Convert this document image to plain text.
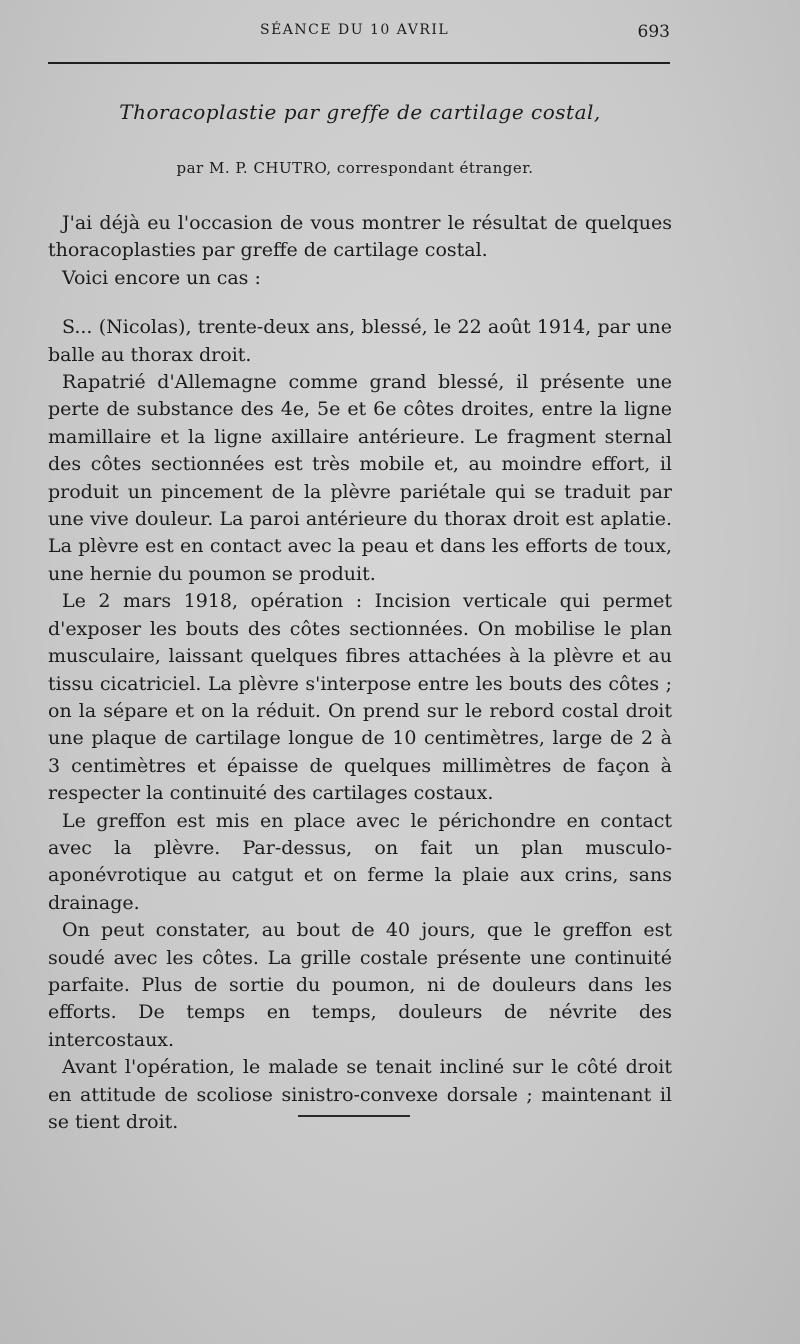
SÉANCE DU 10 AVRIL	693
Thoracoplastie par greffe de cartilage costal,
par M. P. CHUTRO, correspondant étranger.

J'ai déjà eu l'occasion de vous montrer le résultat de quelques thoracoplasties par greffe de cartilage costal.

Voici encore un cas :

S... (Nicolas), trente-deux ans, blessé, le 22 août 1914, par une balle au thorax droit.

Rapatrié d'Allemagne comme grand blessé, il présente une perte de substance des 4e, 5e et 6e côtes droites, entre la ligne mamillaire et la ligne axillaire antérieure. Le fragment sternal des côtes sectionnées est très mobile et, au moindre effort, il produit un pincement de la plèvre pariétale qui se traduit par une vive douleur. La paroi antérieure du thorax droit est aplatie. La plèvre est en contact avec la peau et dans les efforts de toux, une hernie du poumon se produit.

Le 2 mars 1918, opération : Incision verticale qui permet d'exposer les bouts des côtes sectionnées. On mobilise le plan musculaire, laissant quelques fibres attachées à la plèvre et au tissu cicatriciel. La plèvre s'interpose entre les bouts des côtes ; on la sépare et on la réduit. On prend sur le rebord costal droit une plaque de cartilage longue de 10 centimètres, large de 2 à 3 centimètres et épaisse de quelques millimètres de façon à respecter la continuité des cartilages costaux.

Le greffon est mis en place avec le périchondre en contact avec la plèvre. Par-dessus, on fait un plan musculo-aponévrotique au catgut et on ferme la plaie aux crins, sans drainage.

On peut constater, au bout de 40 jours, que le greffon est soudé avec les côtes. La grille costale présente une continuité parfaite. Plus de sortie du poumon, ni de douleurs dans les efforts. De temps en temps, douleurs de névrite des intercostaux.

Avant l'opération, le malade se tenait incliné sur le côté droit en attitude de scoliose sinistro-convexe dorsale ; maintenant il se tient droit.
